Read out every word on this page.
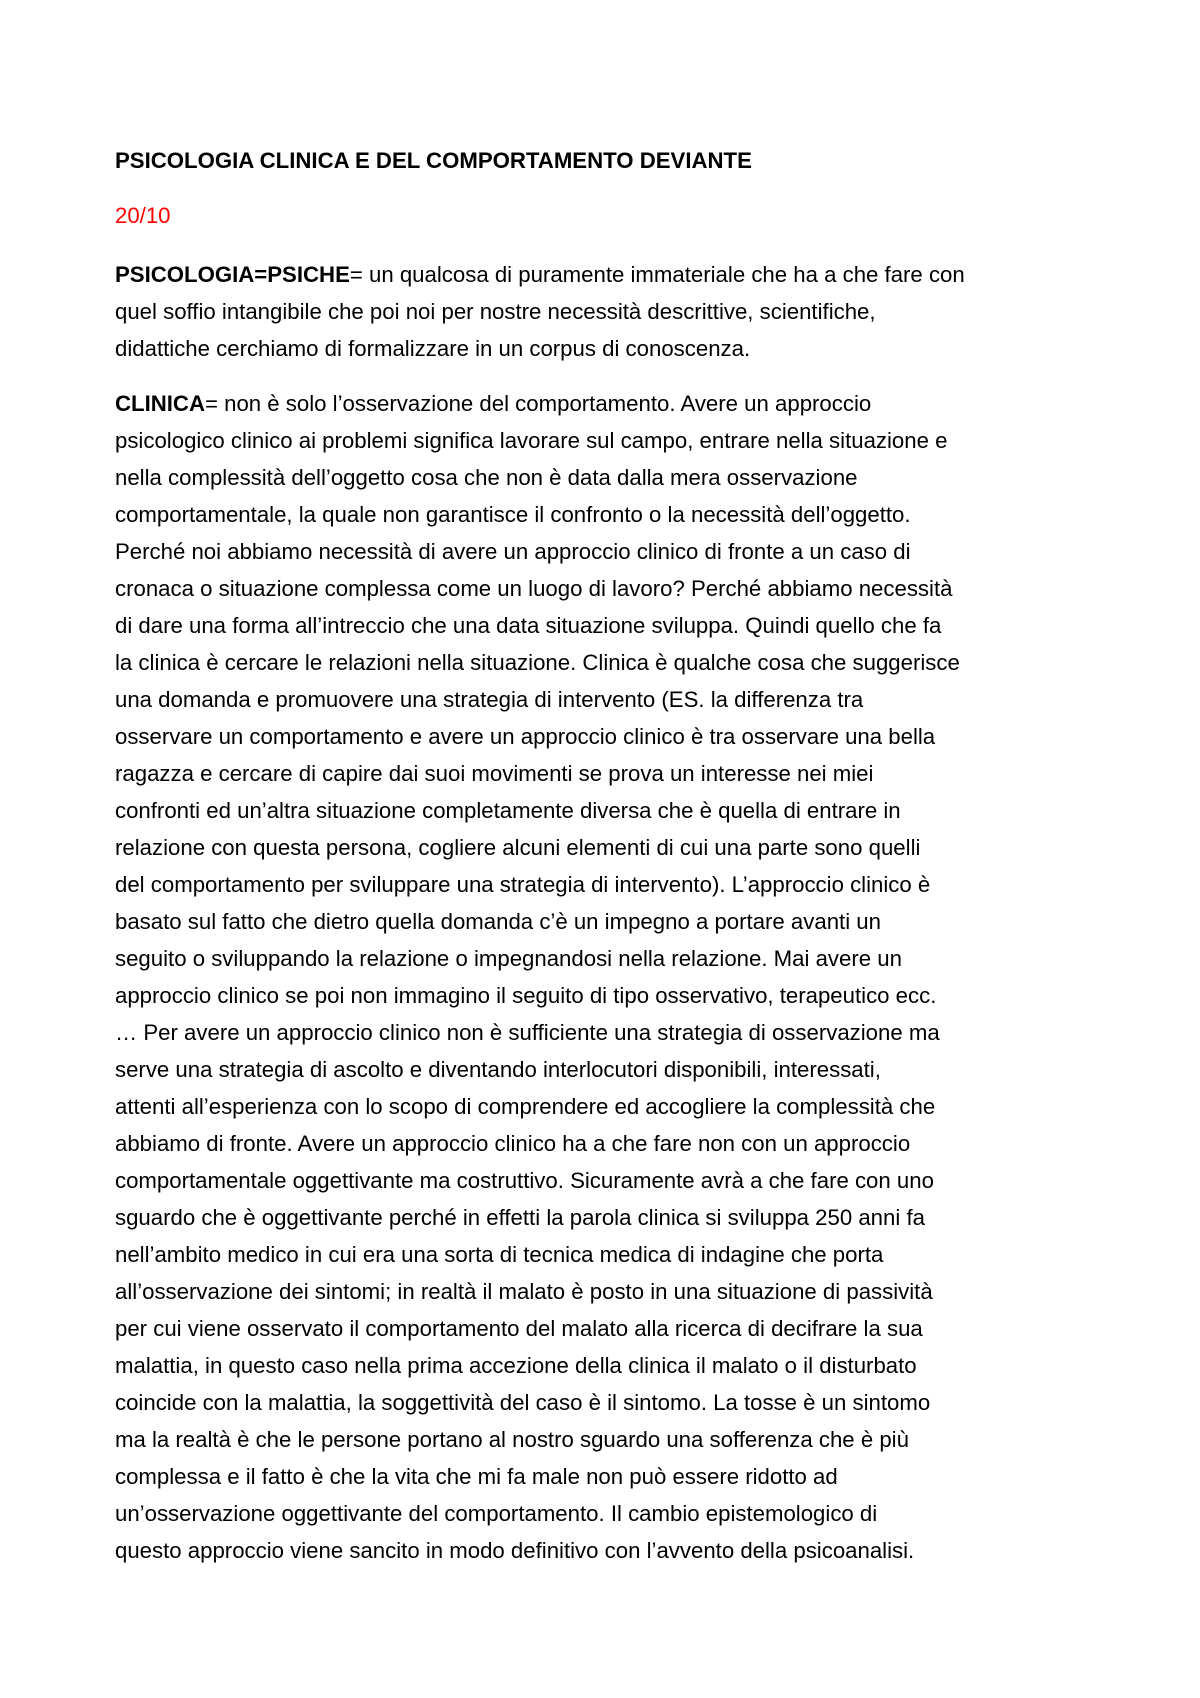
PSICOLOGIA CLINICA E DEL COMPORTAMENTO DEVIANTE
20/10
PSICOLOGIA=PSICHE= un qualcosa di puramente immateriale che ha a che fare con
quel soffio intangibile che poi noi per nostre necessità descrittive, scientifiche,
didattiche cerchiamo di formalizzare in un corpus di conoscenza.
CLINICA= non è solo l’osservazione del comportamento. Avere un approccio
psicologico clinico ai problemi significa lavorare sul campo, entrare nella situazione e
nella complessità dell’oggetto cosa che non è data dalla mera osservazione
comportamentale, la quale non garantisce il confronto o la necessità dell’oggetto.
Perché noi abbiamo necessità di avere un approccio clinico di fronte a un caso di
cronaca o situazione complessa come un luogo di lavoro? Perché abbiamo necessità
di dare una forma all’intreccio che una data situazione sviluppa. Quindi quello che fa
la clinica è cercare le relazioni nella situazione. Clinica è qualche cosa che suggerisce
una domanda e promuovere una strategia di intervento (ES. la differenza tra
osservare un comportamento e avere un approccio clinico è tra osservare una bella
ragazza e cercare di capire dai suoi movimenti se prova un interesse nei miei
confronti ed un’altra situazione completamente diversa che è quella di entrare in
relazione con questa persona, cogliere alcuni elementi di cui una parte sono quelli
del comportamento per sviluppare una strategia di intervento). L’approccio clinico è
basato sul fatto che dietro quella domanda c’è un impegno a portare avanti un
seguito o sviluppando la relazione o impegnandosi nella relazione. Mai avere un
approccio clinico se poi non immagino il seguito di tipo osservativo, terapeutico ecc.
… Per avere un approccio clinico non è sufficiente una strategia di osservazione ma
serve una strategia di ascolto e diventando interlocutori disponibili, interessati,
attenti all’esperienza con lo scopo di comprendere ed accogliere la complessità che
abbiamo di fronte. Avere un approccio clinico ha a che fare non con un approccio
comportamentale oggettivante ma costruttivo. Sicuramente avrà a che fare con uno
sguardo che è oggettivante perché in effetti la parola clinica si sviluppa 250 anni fa
nell’ambito medico in cui era una sorta di tecnica medica di indagine che porta
all’osservazione dei sintomi; in realtà il malato è posto in una situazione di passività
per cui viene osservato il comportamento del malato alla ricerca di decifrare la sua
malattia, in questo caso nella prima accezione della clinica il malato o il disturbato
coincide con la malattia, la soggettività del caso è il sintomo. La tosse è un sintomo
ma la realtà è che le persone portano al nostro sguardo una sofferenza che è più
complessa e il fatto è che la vita che mi fa male non può essere ridotto ad
un’osservazione oggettivante del comportamento. Il cambio epistemologico di
questo approccio viene sancito in modo definitivo con l’avvento della psicoanalisi.
